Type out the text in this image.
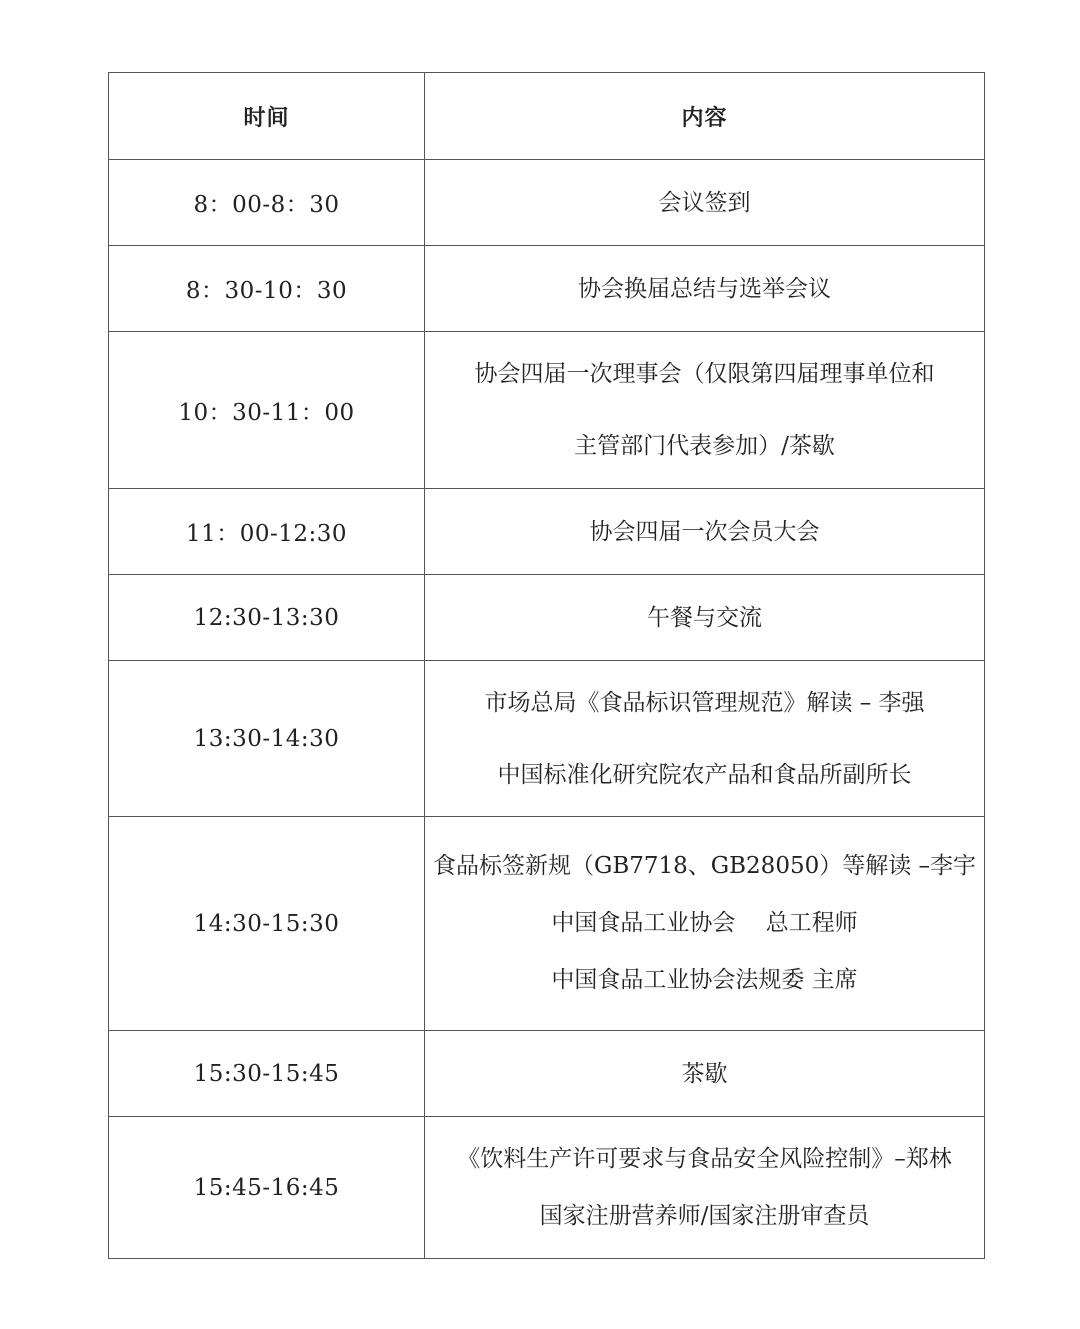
时间	内容
8：00-8：30	会议签到

8：30-10：30	协会换届总结与选举会议

10：30-11：00	协会四届一次理事会（仅限第四届理事单位和
主管部门代表参加）/茶歇

11：00-12:30	协会四届一次会员大会

12:30-13:30	午餐与交流

13:30-14:30	市场总局《食品标识管理规范》解读 – 李强
中国标准化研究院农产品和食品所副所长

14:30-15:30	食品标签新规（GB7718、GB28050）等解读 –李宇
中国食品工业协会　 总工程师
中国食品工业协会法规委 主席

15:30-15:45	茶歇

15:45-16:45	《饮料生产许可要求与食品安全风险控制》–郑林
国家注册营养师/国家注册审查员
